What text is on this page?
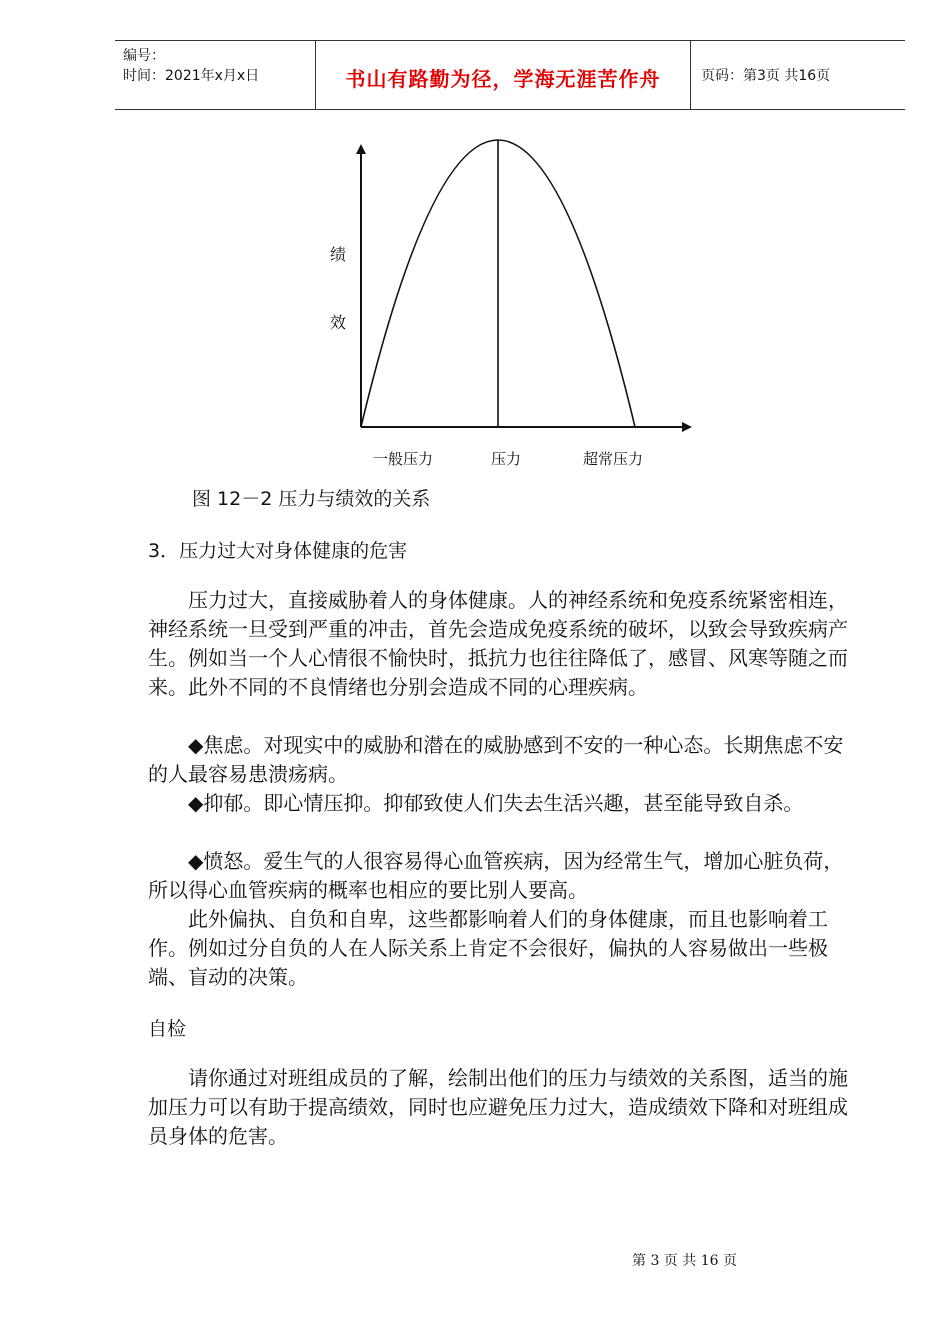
编号：
时间：2021年x月x日	书山有路勤为径，学海无涯苦作舟	页码：第3页 共16页
绩
效
一般压力	压力	超常压力
图 12－2 压力与绩效的关系
3．压力过大对身体健康的危害
压力过大，直接威胁着人的身体健康。人的神经系统和免疫系统紧密相连，神经系统一旦受到严重的冲击，首先会造成免疫系统的破坏，以致会导致疾病产生。例如当一个人心情很不愉快时，抵抗力也往往降低了，感冒、风寒等随之而来。此外不同的不良情绪也分别会造成不同的心理疾病。
◆焦虑。对现实中的威胁和潜在的威胁感到不安的一种心态。长期焦虑不安的人最容易患溃疡病。
◆抑郁。即心情压抑。抑郁致使人们失去生活兴趣，甚至能导致自杀。
◆愤怒。爱生气的人很容易得心血管疾病，因为经常生气，增加心脏负荷，所以得心血管疾病的概率也相应的要比别人要高。
此外偏执、自负和自卑，这些都影响着人们的身体健康，而且也影响着工作。例如过分自负的人在人际关系上肯定不会很好，偏执的人容易做出一些极端、盲动的决策。
自检
请你通过对班组成员的了解，绘制出他们的压力与绩效的关系图，适当的施加压力可以有助于提高绩效，同时也应避免压力过大，造成绩效下降和对班组成员身体的危害。
第 3 页 共 16 页
